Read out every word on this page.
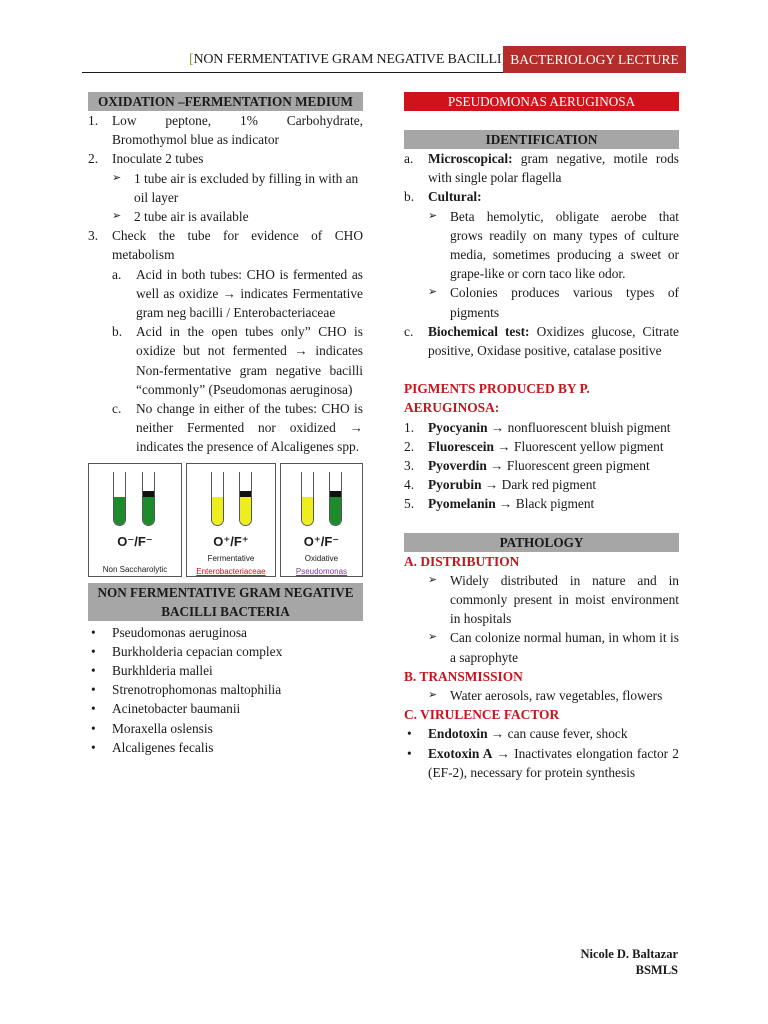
[NON FERMENTATIVE GRAM NEGATIVE BACILLI BACTERIOLOGY LECTURE
OXIDATION –FERMENTATION MEDIUM
1.	Low peptone, 1% Carbohydrate, Bromothymol blue as indicator
2.	Inoculate 2 tubes
➢ 1 tube air is excluded by filling in with an oil layer
➢ 2 tube air is available
3.	Check the tube for evidence of CHO metabolism
a.	Acid in both tubes: CHO is fermented as well as oxidize → indicates Fermentative gram neg bacilli / Enterobacteriaceae
b.	Acid in the open tubes only” CHO is oxidize but not fermented → indicates Non-fermentative gram negative bacilli “commonly” (Pseudomonas aeruginosa)
c.	No change in either of the tubes: CHO is neither Fermented nor oxidized → indicates the presence of Alcaligenes spp.
O⁻/F⁻
Non Saccharolytic
O⁺/F⁺
Fermentative
Enterobacteriaceae
O⁺/F⁻
Oxidative
Pseudomonas
NON FERMENTATIVE GRAM NEGATIVE BACILLI BACTERIA
•	Pseudomonas aeruginosa
•	Burkholderia cepacian complex
•	Burkhlderia mallei
•	Strenotrophomonas maltophilia
•	Acinetobacter baumanii
•	Moraxella oslensis
•	Alcaligenes fecalis
PSEUDOMONAS AERUGINOSA
IDENTIFICATION
a.	Microscopical: gram negative, motile rods with single polar flagella
b.	Cultural:
➢ Beta hemolytic, obligate aerobe that grows readily on many types of culture media, sometimes producing a sweet or grape-like or corn taco like odor.
➢ Colonies produces various types of pigments
c.	Biochemical test: Oxidizes glucose, Citrate positive, Oxidase positive, catalase positive
PIGMENTS PRODUCED BY P. AERUGINOSA:
1.	Pyocyanin → nonfluorescent bluish pigment
2.	Fluorescein → Fluorescent yellow pigment
3.	Pyoverdin → Fluorescent green pigment
4.	Pyorubin → Dark red pigment
5.	Pyomelanin → Black pigment
PATHOLOGY
A. DISTRIBUTION
➢ Widely distributed in nature and in commonly present in moist environment in hospitals
➢ Can colonize normal human, in whom it is a saprophyte
B. TRANSMISSION
➢ Water aerosols, raw vegetables, flowers
C. VIRULENCE FACTOR
•	Endotoxin → can cause fever, shock
•	Exotoxin A → Inactivates elongation factor 2 (EF-2), necessary for protein synthesis
Nicole D. Baltazar
BSMLS
